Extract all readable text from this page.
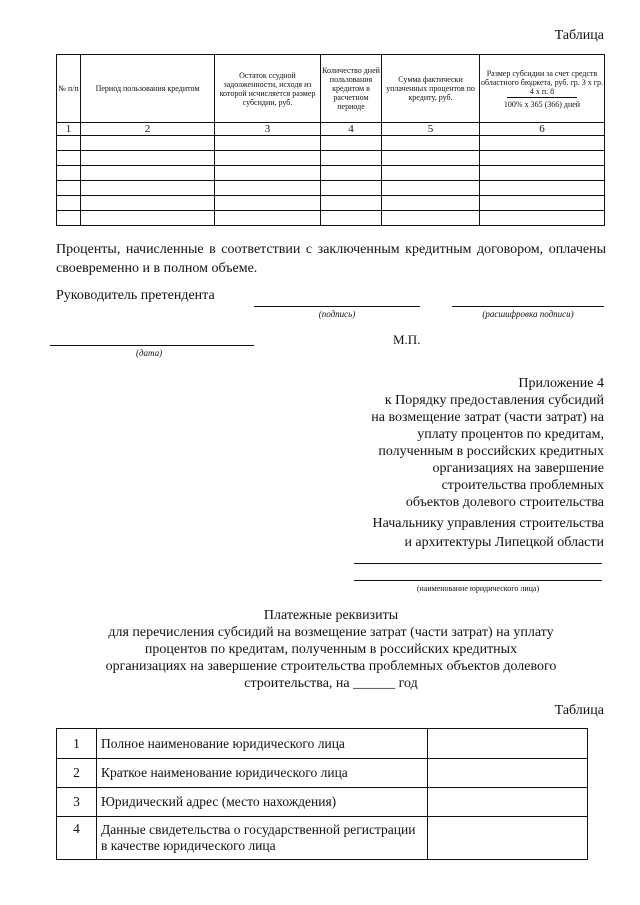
Таблица
№ п/п	Период пользования кредитом	Остаток ссудной задолженности, исходя из которой исчисляется размер субсидии, руб.	Количество дней пользования кредитом в расчетном периоде	Сумма фактически уплаченных процентов по кредиту, руб.	Размер субсидии за счет средств областного бюджета, руб. гр. 3 х гр. 4 х п. 8
100% х 365 (366) дней

1	2	3	4	5	6

Проценты, начисленные в соответствии с заключенным кредитным договором, оплачены своевременно и в полном объеме.
Руководитель претендента
(подпись)	(расшифровка подписи)
(дата)
М.П.
Приложение 4
к Порядку предоставления субсидий
на возмещение затрат (части затрат) на
уплату процентов по кредитам,
полученным в российских кредитных
организациях на завершение
строительства проблемных
объектов долевого строительства
Начальнику управления строительства
и архитектуры Липецкой области
(наименование юридического лица)
Платежные реквизиты
для перечисления субсидий на возмещение затрат (части затрат) на уплату
процентов по кредитам, полученным в российских кредитных
организациях на завершение строительства проблемных объектов долевого
строительства, на ______ год
Таблица
1	Полное наименование юридического лица	
2	Краткое наименование юридического лица	
3	Юридический адрес (место нахождения)	
4	Данные свидетельства о государственной регистрации в качестве юридического лица	
